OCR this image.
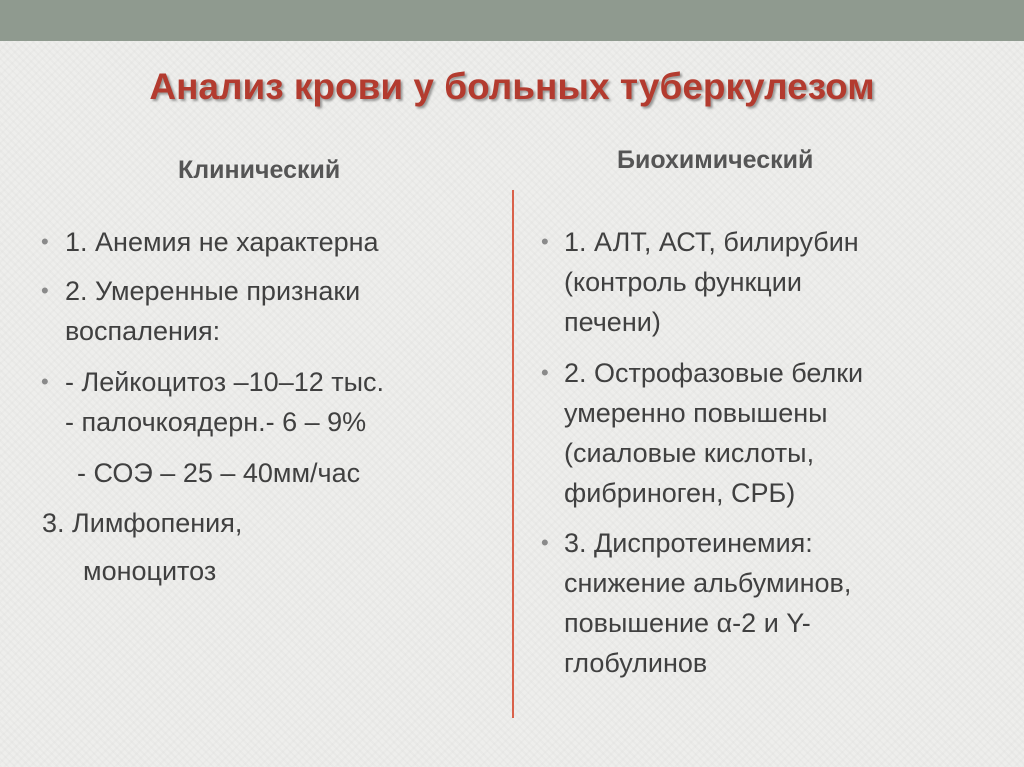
Анализ крови у больных туберкулезом
Клинический	Биохимический
• 1. Анемия не характерна
• 2. Умеренные признаки
воспаления:
• - Лейкоцитоз –10–12 тыс.
- палочкоядерн.- 6 – 9%
- СОЭ – 25 – 40мм/час
3. Лимфопения,
моноцитоз
• 1. АЛТ, АСТ, билирубин
(контроль функции
печени)
• 2. Острофазовые белки
умеренно повышены
(сиаловые кислоты,
фибриноген, СРБ)
• 3. Диспротеинемия:
снижение альбуминов,
повышение α-2 и Y-
глобулинов
